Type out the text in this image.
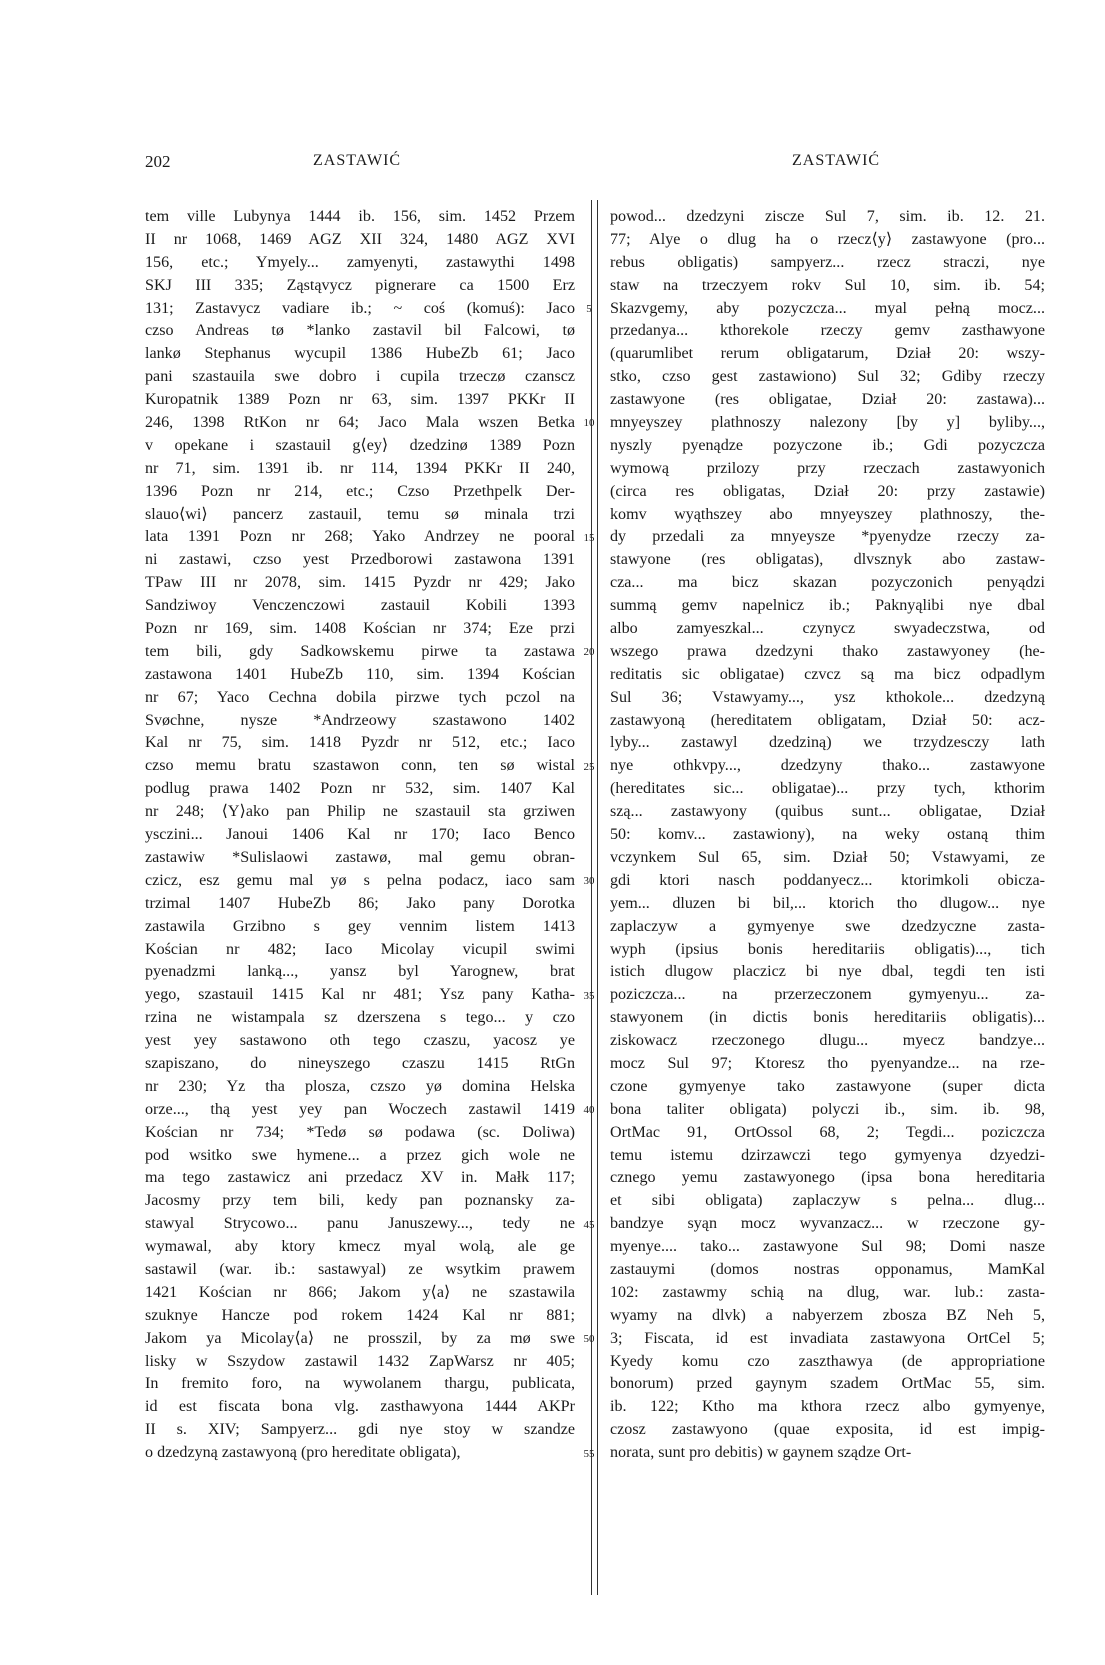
202	ZASTAWIĆ	ZASTAWIĆ
tem ville Lubynya 1444 ib. 156, sim. 1452 Przem
II nr 1068, 1469 AGZ XII 324, 1480 AGZ XVI
156, etc.; Ymyely... zamyenyti, zastawythi 1498
SKJ III 335; Ząstąvycz pignerare ca 1500 Erz
131; Zastavycz vadiare ib.; ~ coś (komuś): Jaco
czso Andreas tø *lanko zastavil bil Falcowi, tø
lankø Stephanus wycupil 1386 HubeZb 61; Jaco
pani szastauila swe dobro i cupila trzeczø czanscz
Kuropatnik 1389 Pozn nr 63, sim. 1397 PKKr II
246, 1398 RtKon nr 64; Jaco Mala wszen Betka
v opekane i szastauil g⟨ey⟩ dzedzinø 1389 Pozn
nr 71, sim. 1391 ib. nr 114, 1394 PKKr II 240,
1396 Pozn nr 214, etc.; Czso Przethpelk Der-
slauo⟨wi⟩ pancerz zastauil, temu sø minala trzi
lata 1391 Pozn nr 268; Yako Andrzey ne pooral
ni zastawi, czso yest Przedborowi zastawona 1391
TPaw III nr 2078, sim. 1415 Pyzdr nr 429; Jako
Sandziwoy Venczenczowi zastauil Kobili 1393
Pozn nr 169, sim. 1408 Kościan nr 374; Eze przi
tem bili, gdy Sadkowskemu pirwe ta zastawa
zastawona 1401 HubeZb 110, sim. 1394 Kościan
nr 67; Yaco Cechna dobila pirzwe tych pczol na
Svøchne, nysze *Andrzeowy szastawono 1402
Kal nr 75, sim. 1418 Pyzdr nr 512, etc.; Iaco
czso memu bratu szastawon conn, ten sø wistal
podlug prawa 1402 Pozn nr 532, sim. 1407 Kal
nr 248; ⟨Y⟩ako pan Philip ne szastauil sta grziwen
ysczini... Janoui 1406 Kal nr 170; Iaco Benco
zastawiw *Sulislaowi zastawø, mal gemu obran-
czicz, esz gemu mal yø s pelna podacz, iaco sam
trzimal 1407 HubeZb 86; Jako pany Dorotka
zastawila Grzibno s gey vennim listem 1413
Kościan nr 482; Iaco Micolay vicupil swimi
pyenadzmi lanką..., yansz byl Yarognew, brat
yego, szastauil 1415 Kal nr 481; Ysz pany Katha-
rzina ne wistampala sz dzerszena s tego... y czo
yest yey sastawono oth tego czaszu, yacosz ye
szapiszano, do nineyszego czaszu 1415 RtGn
nr 230; Yz tha plosza, czszo yø domina Helska
orze..., thą yest yey pan Woczech zastawil 1419
Kościan nr 734; *Tedø sø podawa (sc. Doliwa)
pod wsitko swe hymene... a przez gich wole ne
ma tego zastawicz ani przedacz XV in. Małk 117;
Jacosmy przy tem bili, kedy pan poznansky za-
stawyal Strycowo... panu Januszewy..., tedy ne
wymawal, aby ktory kmecz myal wolą, ale ge
sastawil (war. ib.: sastawyal) ze wsytkim prawem
1421 Kościan nr 866; Jakom y⟨a⟩ ne szastawila
szuknye Hancze pod rokem 1424 Kal nr 881;
Jakom ya Micolay⟨a⟩ ne prosszil, by za mø swe
lisky w Sszydow zastawil 1432 ZapWarsz nr 405;
In fremito foro, na wywolanem thargu, publicata,
id est fiscata bona vlg. zasthawyona 1444 AKPr
II s. XIV; Sampyerz... gdi nye stoy w szandze
o dzedzyną zastawyoną (pro hereditate obligata),
5
10
15
20
25
30
35
40
45
50
55
powod... dzedzyni ziscze Sul 7, sim. ib. 12. 21.
77; Alye o dlug ha o rzecz⟨y⟩ zastawyone (pro...
rebus obligatis) sampyerz... rzecz straczi, nye
staw na trzeczyem rokv Sul 10, sim. ib. 54;
Skazvgemy, aby pozyczcza... myal pełną mocz...
przedanya... kthorekole rzeczy gemv zasthawyone
(quarumlibet rerum obligatarum, Dział 20: wszy-
stko, czso gest zastawiono) Sul 32; Gdiby rzeczy
zastawyone (res obligatae, Dział 20: zastawa)...
mnyeyszey plathnoszy nalezony [by y] byliby...,
nyszly pyenądze pozyczone ib.; Gdi pozyczcza
wymową przilozy przy rzeczach zastawyonich
(circa res obligatas, Dział 20: przy zastawie)
komv wyąthszey abo mnyeyszey plathnoszy, the-
dy przedali za mnyeysze *pyenydze rzeczy za-
stawyone (res obligatas), dlvsznyk abo zastaw-
cza... ma bicz skazan pozyczonich penyądzi
summą gemv napelnicz ib.; Paknyąlibi nye dbal
albo zamyeszkal... czynycz swyadeczstwa, od
wszego prawa dzedzyni thako zastawyoney (he-
reditatis sic obligatae) czvcz są ma bicz odpadlym
Sul 36; Vstawyamy..., ysz kthokole... dzedzyną
zastawyoną (hereditatem obligatam, Dział 50: acz-
lyby... zastawyl dzedziną) we trzydzesczy lath
nye othkvpy..., dzedzyny thako... zastawyone
(hereditates sic... obligatae)... przy tych, kthorim
szą... zastawyony (quibus sunt... obligatae, Dział
50: komv... zastawiony), na weky ostaną thim
vczynkem Sul 65, sim. Dział 50; Vstawyami, ze
gdi ktori nasch poddanyecz... ktorimkoli obicza-
yem... dluzen bi bil,... ktorich tho dlugow... nye
zaplaczyw a gymyenye swe dzedzyczne zasta-
wyph (ipsius bonis hereditariis obligatis)..., tich
istich dlugow placzicz bi nye dbal, tegdi ten isti
poziczcza... na przerzeczonem gymyenyu... za-
stawyonem (in dictis bonis hereditariis obligatis)...
ziskowacz rzeczonego dlugu... myecz bandzye...
mocz Sul 97; Ktoresz tho pyenyandze... na rze-
czone gymyenye tako zastawyone (super dicta
bona taliter obligata) polyczi ib., sim. ib. 98,
OrtMac 91, OrtOssol 68, 2; Tegdi... poziczcza
temu istemu dzirzawczi tego gymyenya dzyedzi-
cznego yemu zastawyonego (ipsa bona hereditaria
et sibi obligata) zaplaczyw s pelna... dlug...
bandzye syąn mocz wyvanzacz... w rzeczone gy-
myenye.... tako... zastawyone Sul 98; Domi nasze
zastauymi (domos nostras opponamus, MamKal
102: zastawmy schią na dlug, war. lub.: zasta-
wyamy na dlvk) a nabyerzem zbosza BZ Neh 5,
3; Fiscata, id est invadiata zastawyona OrtCel 5;
Kyedy komu czo zaszthawya (de appropriatione
bonorum) przed gaynym szadem OrtMac 55, sim.
ib. 122; Ktho ma kthora rzecz albo gymyenye,
czosz zastawyono (quae exposita, id est impig-
norata, sunt pro debitis) w gaynem sządze Ort-
